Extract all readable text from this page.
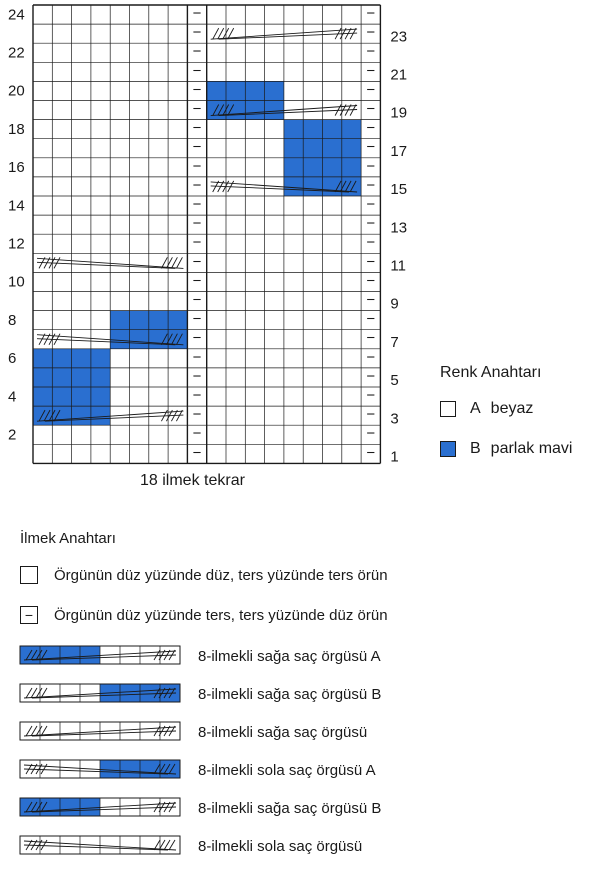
−
−
−
−
−
−
−
−
−
−
−
−
−
−
−
−
−
−
−
−
−
−
−
−
−
−
−
−
−
−
−
−
−
−
−
−
−
−
−
−
−
−
−
−
−
−
−
−
24
22
20
18
16
14
12
10
8
6
4
2
23
21
19
17
15
13
11
9
7
5
3
1
18 ilmek tekrar
Renk Anahtarı
A beyaz
B parlak mavi
İlmek Anahtarı
Örgünün düz yüzünde düz, ters yüzünde ters örün
−	Örgünün düz yüzünde ters, ters yüzünde düz örün
8-ilmekli sağa saç örgüsü A
8-ilmekli sağa saç örgüsü B
8-ilmekli sağa saç örgüsü
8-ilmekli sola saç örgüsü A
8-ilmekli sağa saç örgüsü B
8-ilmekli sola saç örgüsü
